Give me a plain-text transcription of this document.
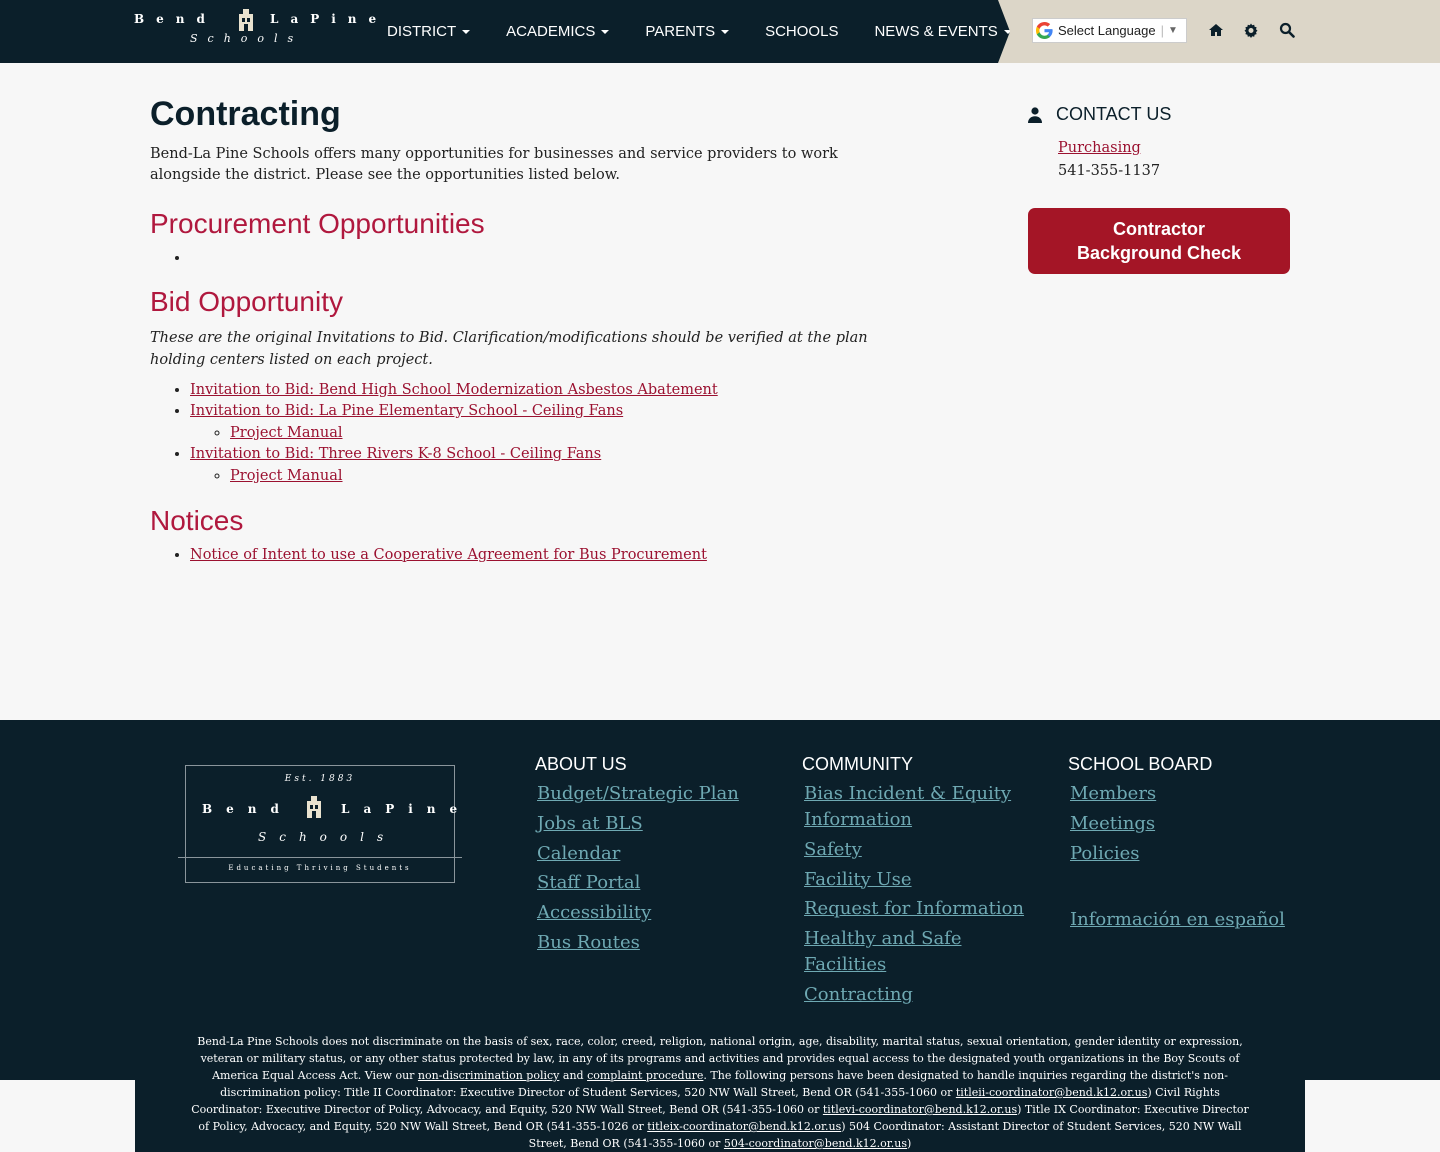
Bend	LaPine
Schools	DISTRICT	ACADEMICS	PARENTS	SCHOOLS NEWS & EVENTS	Select Language | ▼
Contracting

Bend-La Pine Schools offers many opportunities for businesses and service providers to work alongside the district. Please see the opportunities listed below.

Procurement Opportunities
•
Bid Opportunity

These are the original Invitations to Bid. Clarification/modifications should be verified at the plan holding centers listed on each project.

• Invitation to Bid: Bend High School Modernization Asbestos Abatement
• Invitation to Bid: La Pine Elementary School - Ceiling Fans
◦ Project Manual
• Invitation to Bid: Three Rivers K-8 School - Ceiling Fans
◦ Project Manual
Notices
• Notice of Intent to use a Cooperative Agreement for Bus Procurement
CONTACT US
Purchasing
541-355-1137
Contractor Background Check
Est. 1883
Bend	LaPine
Schools
Educating Thriving Students
ABOUT US
Budget/Strategic Plan
Jobs at BLS
Calendar
Staff Portal
Accessibility
Bus Routes
COMMUNITY
Bias Incident & Equity Information
Safety
Facility Use
Request for Information
Healthy and Safe Facilities
Contracting
SCHOOL BOARD
Members
Meetings
Policies
Información en español
Bend-La Pine Schools does not discriminate on the basis of sex, race, color, creed, religion, national origin, age, disability, marital status, sexual orientation, gender identity or expression, veteran or military status, or any other status protected by law, in any of its programs and activities and provides equal access to the designated youth organizations in the Boy Scouts of America Equal Access Act. View our non-discrimination policy and complaint procedure. The following persons have been designated to handle inquiries regarding the district's non-discrimination policy: Title II Coordinator: Executive Director of Student Services, 520 NW Wall Street, Bend OR (541-355-1060 or titleii-coordinator@bend.k12.or.us) Civil Rights Coordinator: Executive Director of Policy, Advocacy, and Equity, 520 NW Wall Street, Bend OR (541-355-1060 or titlevi-coordinator@bend.k12.or.us) Title IX Coordinator: Executive Director of Policy, Advocacy, and Equity, 520 NW Wall Street, Bend OR (541-355-1026 or titleix-coordinator@bend.k12.or.us) 504 Coordinator: Assistant Director of Student Services, 520 NW Wall Street, Bend OR (541-355-1060 or 504-coordinator@bend.k12.or.us)
